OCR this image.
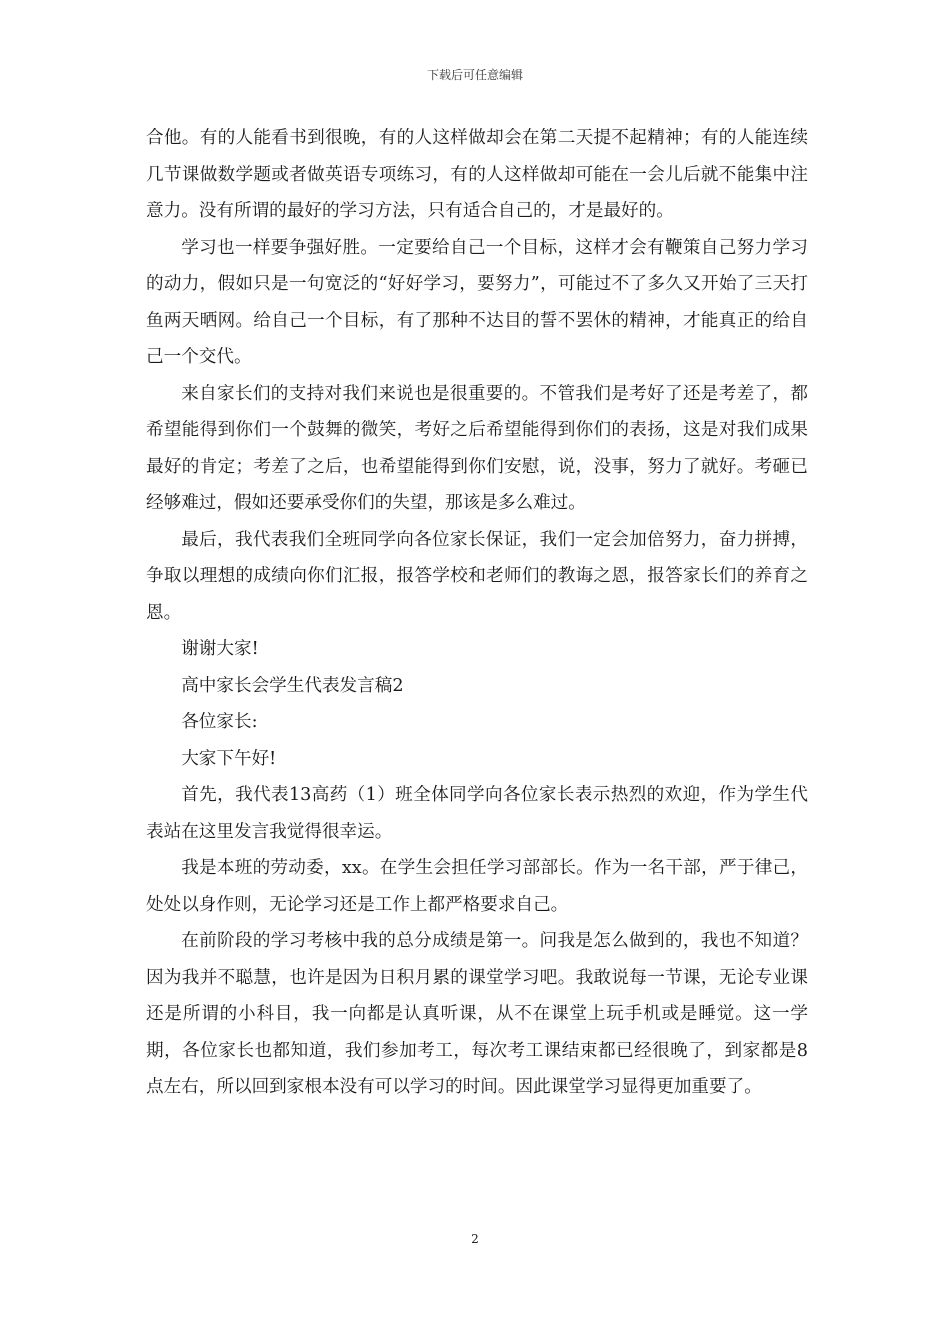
下载后可任意编辑

合他。有的人能看书到很晚，有的人这样做却会在第二天提不起精神；有的人能连续几节课做数学题或者做英语专项练习，有的人这样做却可能在一会儿后就不能集中注意力。没有所谓的最好的学习方法，只有适合自己的，才是最好的。

学习也一样要争强好胜。一定要给自己一个目标，这样才会有鞭策自己努力学习的动力，假如只是一句宽泛的“好好学习，要努力”，可能过不了多久又开始了三天打鱼两天晒网。给自己一个目标，有了那种不达目的誓不罢休的精神，才能真正的给自己一个交代。

来自家长们的支持对我们来说也是很重要的。不管我们是考好了还是考差了，都希望能得到你们一个鼓舞的微笑，考好之后希望能得到你们的表扬，这是对我们成果最好的肯定；考差了之后，也希望能得到你们安慰，说，没事，努力了就好。考砸已经够难过，假如还要承受你们的失望，那该是多么难过。

最后，我代表我们全班同学向各位家长保证，我们一定会加倍努力，奋力拼搏，争取以理想的成绩向你们汇报，报答学校和老师们的教诲之恩，报答家长们的养育之恩。

谢谢大家!

高中家长会学生代表发言稿2

各位家长:

大家下午好!

首先，我代表13高药（1）班全体同学向各位家长表示热烈的欢迎，作为学生代表站在这里发言我觉得很幸运。

我是本班的劳动委，xx。在学生会担任学习部部长。作为一名干部，严于律己，处处以身作则，无论学习还是工作上都严格要求自己。

在前阶段的学习考核中我的总分成绩是第一。问我是怎么做到的，我也不知道？因为我并不聪慧，也许是因为日积月累的课堂学习吧。我敢说每一节课，无论专业课还是所谓的小科目，我一向都是认真听课，从不在课堂上玩手机或是睡觉。这一学期，各位家长也都知道，我们参加考工，每次考工课结束都已经很晚了，到家都是8点左右，所以回到家根本没有可以学习的时间。因此课堂学习显得更加重要了。

2
